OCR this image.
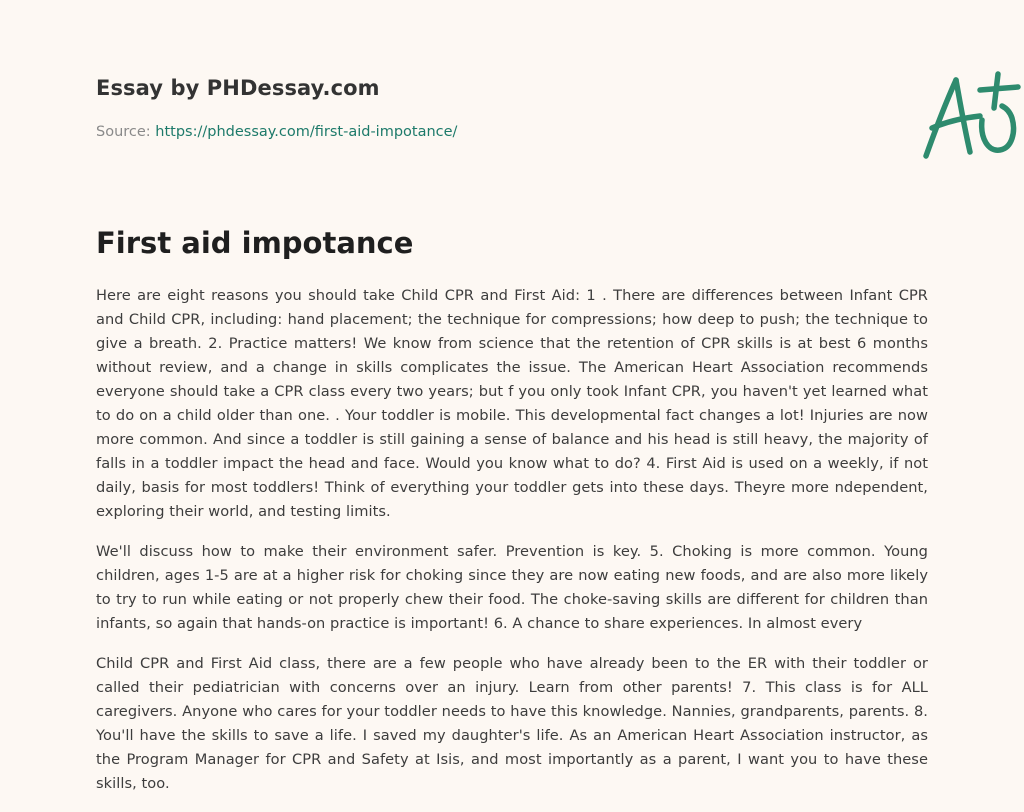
Essay by PHDessay.com
Source: https://phdessay.com/first-aid-impotance/
First aid impotance

Here are eight reasons you should take Child CPR and First Aid: 1 . There are differences between Infant CPR and Child CPR, including: hand placement; the technique for compressions; how deep to push; the technique to give a breath. 2. Practice matters! We know from science that the retention of CPR skills is at best 6 months without review, and a change in skills complicates the issue. The American Heart Association recommends everyone should take a CPR class every two years; but f you only took Infant CPR, you haven't yet learned what to do on a child older than one. . Your toddler is mobile. This developmental fact changes a lot! Injuries are now more common. And since a toddler is still gaining a sense of balance and his head is still heavy, the majority of falls in a toddler impact the head and face. Would you know what to do? 4. First Aid is used on a weekly, if not daily, basis for most toddlers! Think of everything your toddler gets into these days. Theyre more ndependent, exploring their world, and testing limits.

We'll discuss how to make their environment safer. Prevention is key. 5. Choking is more common. Young children, ages 1-5 are at a higher risk for choking since they are now eating new foods, and are also more likely to try to run while eating or not properly chew their food. The choke-saving skills are different for children than infants, so again that hands-on practice is important! 6. A chance to share experiences. In almost every

Child CPR and First Aid class, there are a few people who have already been to the ER with their toddler or called their pediatrician with concerns over an injury. Learn from other parents! 7. This class is for ALL caregivers. Anyone who cares for your toddler needs to have this knowledge. Nannies, grandparents, parents. 8. You'll have the skills to save a life. I saved my daughter's life. As an American Heart Association instructor, as the Program Manager for CPR and Safety at Isis, and most importantly as a parent, I want you to have these skills, too.
